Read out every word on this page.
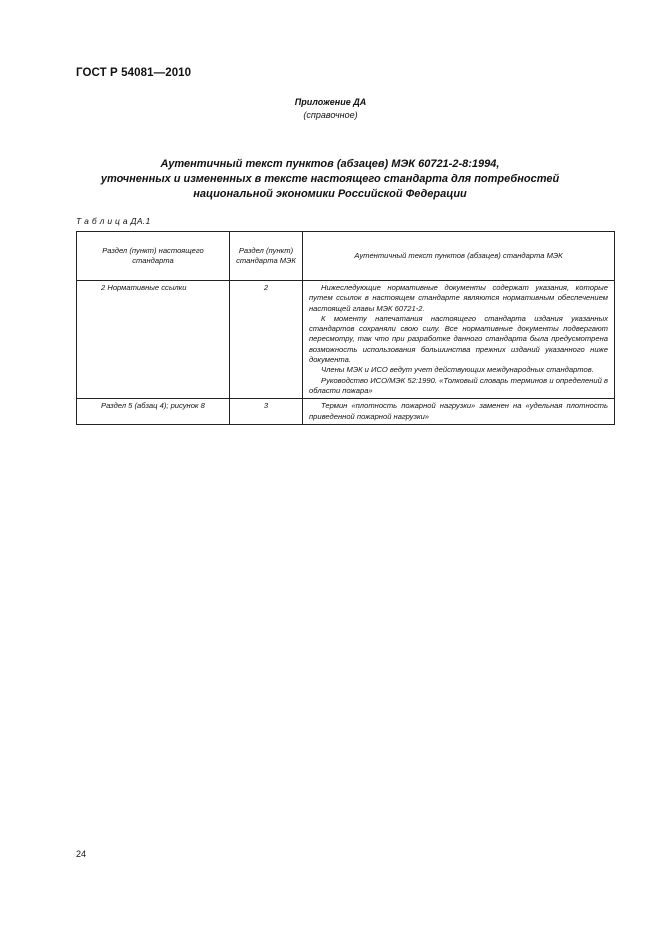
ГОСТ Р 54081—2010
Приложение ДА
(справочное)
Аутентичный текст пунктов (абзацев) МЭК 60721-2-8:1994,
уточненных и измененных в тексте настоящего стандарта для потребностей
национальной экономики Российской Федерации
Т а б л и ц а ДА.1
Раздел (пункт) настоящего стандарта	Раздел (пункт) стандарта МЭК	Аутентичный текст пунктов (абзацев) стандарта МЭК
2 Нормативные ссылки	2	Нижеследующие нормативные документы содержат указания, которые путем ссылок в настоящем стандарте являются нормативным обеспечением настоящей главы МЭК 60721-2.

К моменту напечатания настоящего стандарта издания указанных стандартов сохраняли свою силу. Все нормативные документы подвергают пересмотру, так что при разработке данного стандарта была предусмотрена возможность использования большинства прежних изданий указанного ниже документа.

Члены МЭК и ИСО ведут учет действующих международных стандартов.

Руководство ИСО/МЭК 52:1990. «Толковый словарь терминов и определений в области пожара»

Раздел 5 (абзац 4); рисунок 8	3	Термин «плотность пожарной нагрузки» заменен на «удельная плотность приведенной пожарной нагрузки»

24
